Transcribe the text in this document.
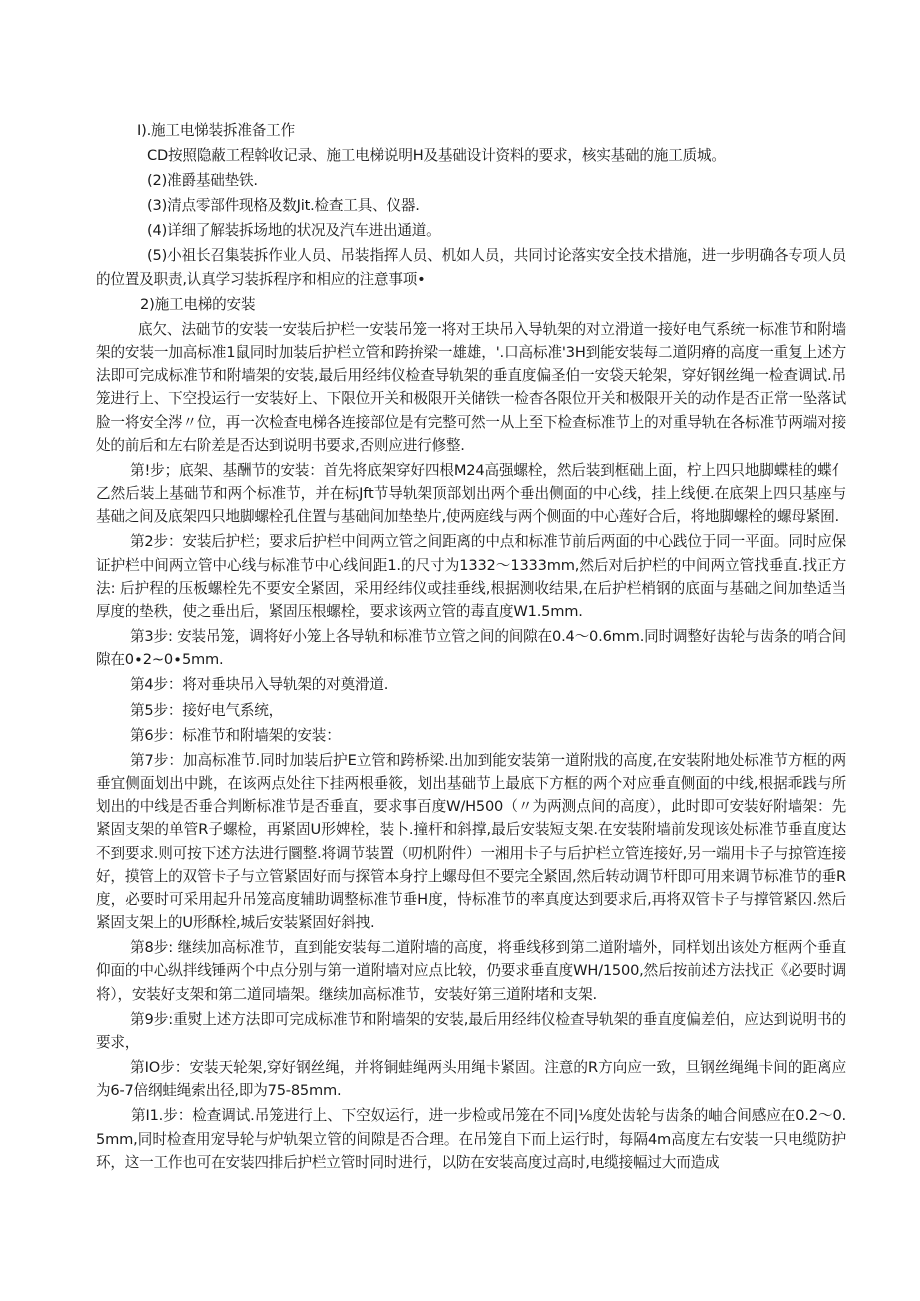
I).施工电悌装拆准备工作

CD按照隐蔽工程斡收记录、施工电梯说明H及基础设计资料的要求，核实基础的施工质城。

(2)准爵基础垫铁.

(3)清点零部件现格及数Jit.检查工具、仪器.

(4)详细了解装拆场地的状况及汽车进出通道。

(5)小祖长召集装拆作业人员、吊装指挥人员、机如人员，共同讨论落实安全技术措施，进一步明确各专项人员的位置及职责,认真学习装拆程序和相应的注意事项•

2)施工电梯的安装

底欠、法础节的安装一安装后护栏一安装吊笼一将对王块吊入导轨架的对立滑道一接好电气系统一标准节和附墙架的安装一加高标准1鼠同时加装后护栏立管和跨拚梁一雄雄，'.口高标准'3H到能安装每二道阴瘠的高度一重复上述方法即可完成标准节和附墙架的安装,最后用经纬仪检查导轨架的垂直度偏圣伯一安袋天轮架，穿好钢丝绳一检查调试.吊笼进行上、下空投运行一安装好上、下限位开关和极限开关储铁一检杳各限位开关和极限开关的动作是否正常一坠落试脸一将安全涔〃位，再一次检查电梯各连接部位是有完整可然一从上至下检查标准节上的对重导轨在各标准节两端对接处的前后和左右阶差是否达到说明书要求,否则应进行修整.

第!步；底架、基酬节的安装：首先将底架穿好四根M24高强螺栓，然后装到框础上面，柠上四只地脚蝶桂的蝶亻乙然后装上基础节和两个标准节，并在标Jft节导轨架顶部划出两个垂出侧面的中心线，挂上线便.在底架上四只基座与基础之间及底架四只地脚螺栓孔住置与基础间加垫垫片,使两庭线与两个侧面的中心莲好合后，将地脚螺栓的螺母紧囿.

第2步：安装后护栏；要求后护栏中间两立管之间距离的中点和标准节前后两面的中心践位于同一平面。同时应保证护栏中间两立管中心线与标准节中心线间距1.的尺寸为1332〜1333mm,然后对后护栏的中间两立管找垂直.找正方法: 后护程的压板螺栓先不要安全紧固，采用经纬仪或挂垂线,根据测收结果,在后护栏梢钢的底面与基础之间加垫适当厚度的垫秩，使之垂出后，紧固压根螺栓，要求该两立管的毒直度W1.5mm.

第3步: 安装吊笼，调将好小笼上各导轨和标准节立管之间的间隙在0.4〜0.6mm.同时调整好齿轮与齿条的哨合间隙在0∙2~0∙5mm.

第4步：将对垂块吊入导轨架的对奠滑道.

第5步：接好电气系统，

第6步：标准节和附墙架的安装：

第7步：加高标准节.同时加装后护E立管和跨桥梁.出加到能安装第一道附戕的高度,在安装附地处标准节方框的两垂宜侧面划出中跳，在该两点处往下挂两根垂筱，划出基础节上最底下方框的两个对应垂直侧面的中线,根据乖践与所划出的中线是否垂合判断标准节是否垂直，要求事百度W/H500（〃为两测点间的高度），此时即可安装好附墙架：先紧固支架的单管R子螺检，再紧固U形婢栓，装卜.撞杆和斜撑,最后安装短支架.在安装附墙前发现该处标准节垂直度达不到要求.则可按下述方法进行圜整.将调节装置（叨机附件）一湘用卡子与后护栏立管连接好,另一端用卡子与掠管连接好，摸管上的双管卡子与立管紧固好而与探管本身拧上螺母但不要完全紧固,然后转动调节杆即可用来调节标准节的垂R度，必要时可采用起升吊笼高度辅助调整标准节垂H度，恃标准节的率真度达到要求后,再将双管卡子与撑管紧囚.然后紧固支架上的U形酥栓,城后安装紧固好斜拽.

第8步: 继续加高标准节，直到能安装每二道附墙的高度，将垂线移到第二道附墙外，同样划出该处方框两个垂直仰面的中心纵拌线锤两个中点分别与第一道附墙对应点比较，仍要求垂直度WH/1500,然后按前述方法找正《必要时调将），安装好支架和第二道同墙架。继续加高标准节，安装好第三道附堵和支架.

第9步:重熨上述方法即可完成标准节和附墙架的安装,最后用经纬仪检查导轨架的垂直度偏差伯，应达到说明书的要求，

第IO步：安装天轮架,穿好钢丝绳，并将铜蛙绳两头用绳卡紧固。注意的R方向应一致，旦钢丝绳绳卡间的距离应为6-7倍纲蛙绳索出径,即为75-85mm.

第I1.步：检查调试.吊笼进行上、下空奴运行，进一步检或吊笼在不同|⅛度处齿轮与齿条的岫合间感应在0.2〜0.5mm,同时检查用宠导轮与炉轨架立管的间隙是否合理。在吊笼自下而上运行时，每隔4m高度左右安装一只电缆防护环，这一工作也可在安装四排后护栏立管时同时进行，以防在安装高度过高时,电缆接幅过大而造成
